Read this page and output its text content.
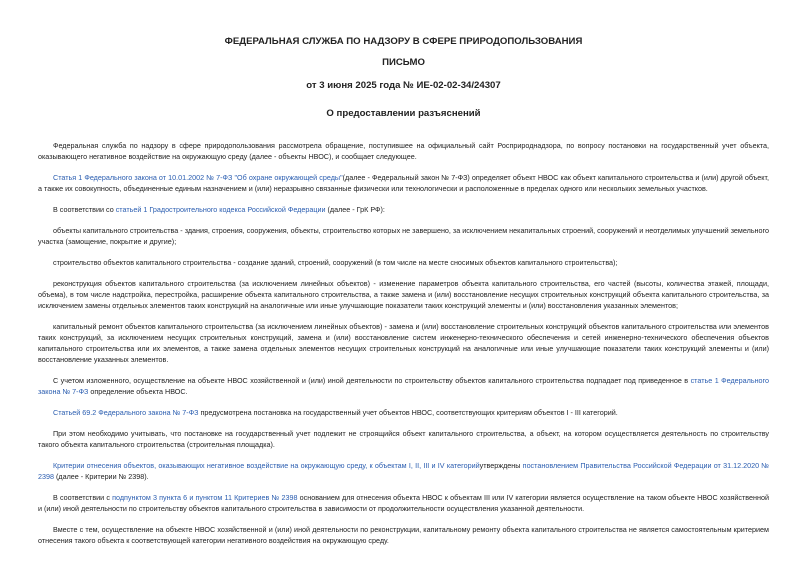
ФЕДЕРАЛЬНАЯ СЛУЖБА ПО НАДЗОРУ В СФЕРЕ ПРИРОДОПОЛЬЗОВАНИЯ

ПИСЬМО

от 3 июня 2025 года № ИЕ-02-02-34/24307

О предоставлении разъяснений

Федеральная служба по надзору в сфере природопользования рассмотрела обращение, поступившее на официальный сайт Росприроднадзора, по вопросу постановки на государственный учет объекта, оказывающего негативное воздействие на окружающую среду (далее - объекты НВОС), и сообщает следующее.

Статья 1 Федерального закона от 10.01.2002 № 7-ФЗ "Об охране окружающей среды"(далее - Федеральный закон № 7-ФЗ) определяет объект НВОС как объект капитального строительства и (или) другой объект, а также их совокупность, объединенные единым назначением и (или) неразрывно связанные физически или технологически и расположенные в пределах одного или нескольких земельных участков.

В соответствии со статьей 1 Градостроительного кодекса Российской Федерации (далее - ГрК РФ):

объекты капитального строительства - здания, строения, сооружения, объекты, строительство которых не завершено, за исключением некапитальных строений, сооружений и неотделимых улучшений земельного участка (замощение, покрытие и другие);

строительство объектов капитального строительства - создание зданий, строений, сооружений (в том числе на месте сносимых объектов капитального строительства);

реконструкция объектов капитального строительства (за исключением линейных объектов) - изменение параметров объекта капитального строительства, его частей (высоты, количества этажей, площади, объема), в том числе надстройка, перестройка, расширение объекта капитального строительства, а также замена и (или) восстановление несущих строительных конструкций объекта капитального строительства, за исключением замены отдельных элементов таких конструкций на аналогичные или иные улучшающие показатели таких конструкций элементы и (или) восстановления указанных элементов;

капитальный ремонт объектов капитального строительства (за исключением линейных объектов) - замена и (или) восстановление строительных конструкций объектов капитального строительства или элементов таких конструкций, за исключением несущих строительных конструкций, замена и (или) восстановление систем инженерно-технического обеспечения и сетей инженерно-технического обеспечения объектов капитального строительства или их элементов, а также замена отдельных элементов несущих строительных конструкций на аналогичные или иные улучшающие показатели таких конструкций элементы и (или) восстановление указанных элементов.

С учетом изложенного, осуществление на объекте НВОС хозяйственной и (или) иной деятельности по строительству объектов капитального строительства подпадает под приведенное в статье 1 Федерального закона № 7-ФЗ определение объекта НВОС.

Статьей 69.2 Федерального закона № 7-ФЗ предусмотрена постановка на государственный учет объектов НВОС, соответствующих критериям объектов I - III категорий.

При этом необходимо учитывать, что постановке на государственный учет подлежит не строящийся объект капитального строительства, а объект, на котором осуществляется деятельность по строительству такого объекта капитального строительства (строительная площадка).

Критерии отнесения объектов, оказывающих негативное воздействие на окружающую среду, к объектам I, II, III и IV категорийутверждены постановлением Правительства Российской Федерации от 31.12.2020 № 2398 (далее - Критерии № 2398).

В соответствии с подпунктом 3 пункта 6 и пунктом 11 Критериев № 2398 основанием для отнесения объекта НВОС к объектам III или IV категории является осуществление на таком объекте НВОС хозяйственной и (или) иной деятельности по строительству объектов капитального строительства в зависимости от продолжительности осуществления указанной деятельности.

Вместе с тем, осуществление на объекте НВОС хозяйственной и (или) иной деятельности по реконструкции, капитальному ремонту объекта капитального строительства не является самостоятельным критерием отнесения такого объекта к соответствующей категории негативного воздействия на окружающую среду.
